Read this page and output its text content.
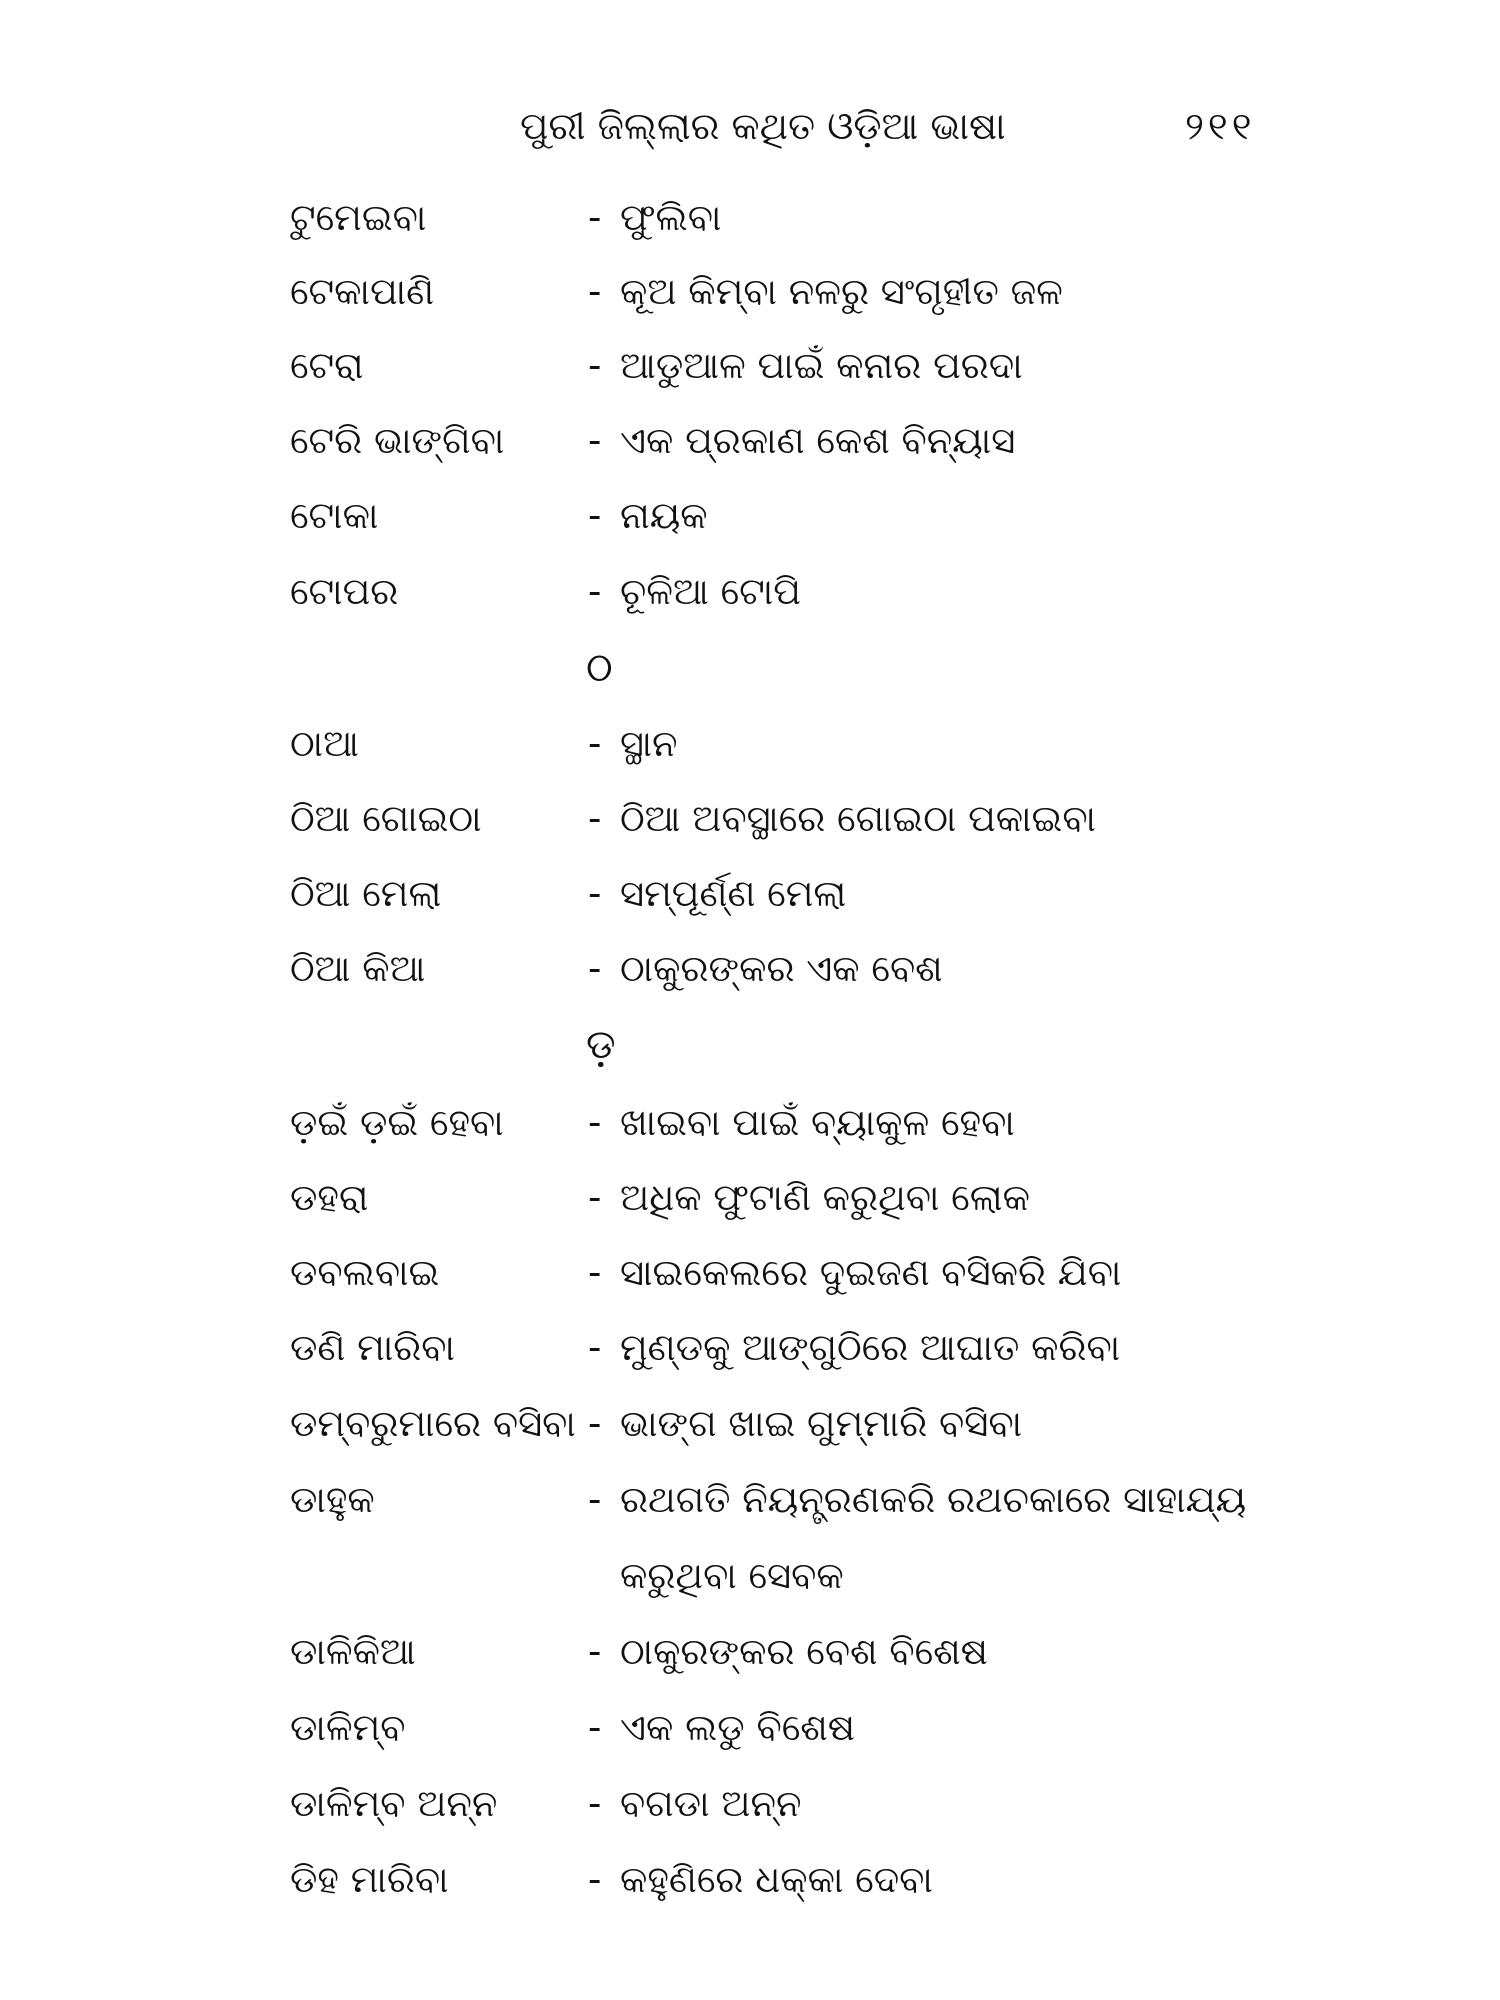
ପୁରୀ ଜିଲ୍ଲାର କଥିତ ଓଡ଼ିଆ ଭାଷା	୨୧୧
ଟୁମେଇବା	- ଫୁଲିବା
ଟେକାପାଣି	- କୂଅ କିମ୍ବା ନଳରୁ ସଂଗୃହୀତ ଜଳ
ଟେରା	- ଆଡୁଆଳ ପାଇଁ କନାର ପରଦା
ଟେରି ଭାଙ୍ଗିବା	- ଏକ ପ୍ରକାଣ କେଶ ବିନ୍ୟାସ
ଟୋକା	- ନାୟକ
ଟୋପର	- ଚୂଳିଆ ଟୋପି
ଠ
ଠାଆ	- ସ୍ଥାନ
ଠିଆ ଗୋଇଠା	- ଠିଆ ଅବସ୍ଥାରେ ଗୋଇଠା ପକାଇବା
ଠିଆ ମେଲା	- ସମ୍ପୂର୍ଣ୍ଣ ମେଲା
ଠିଆ କିଆ	- ଠାକୁରଙ୍କର ଏକ ବେଶ
ଡ଼
ଡ଼ଇଁ ଡ଼ଇଁ ହେବା	- ଖାଇବା ପାଇଁ ବ୍ୟାକୁଳ ହେବା
ଡହରା	- ଅଧିକ ଫୁଟାଣି କରୁଥିବା ଲୋକ
ଡବଲବାଇ	- ସାଇକେଲରେ ଦୁଇଜଣ ବସିକରି ଯିବା
ଡଣି ମାରିବା	- ମୁଣ୍ଡକୁ ଆଙ୍ଗୁଠିରେ ଆଘାତ କରିବା
ଡମ୍ବରୁମାରେ ବସିବା - ଭାଙ୍ଗ ଖାଇ ଗୁମ୍‌ମାରି ବସିବା
ଡାହୁକ	- ରଥଗତି ନିୟନ୍ତ୍ରଣକରି ରଥଚକାରେ ସାହାଯ୍ୟ କରୁଥିବା ସେବକ
ଡାଳିକିଆ	- ଠାକୁରଙ୍କର ବେଶ ବିଶେଷ
ଡାଳିମ୍ବ	- ଏକ ଲଡୁ ବିଶେଷ
ଡାଳିମ୍ବ ଅନ୍ନ	- ବଗଡା ଅନ୍ନ
ଡିହ ମାରିବା	- କହୁଣିରେ ଧକ୍‌କା ଦେବା
